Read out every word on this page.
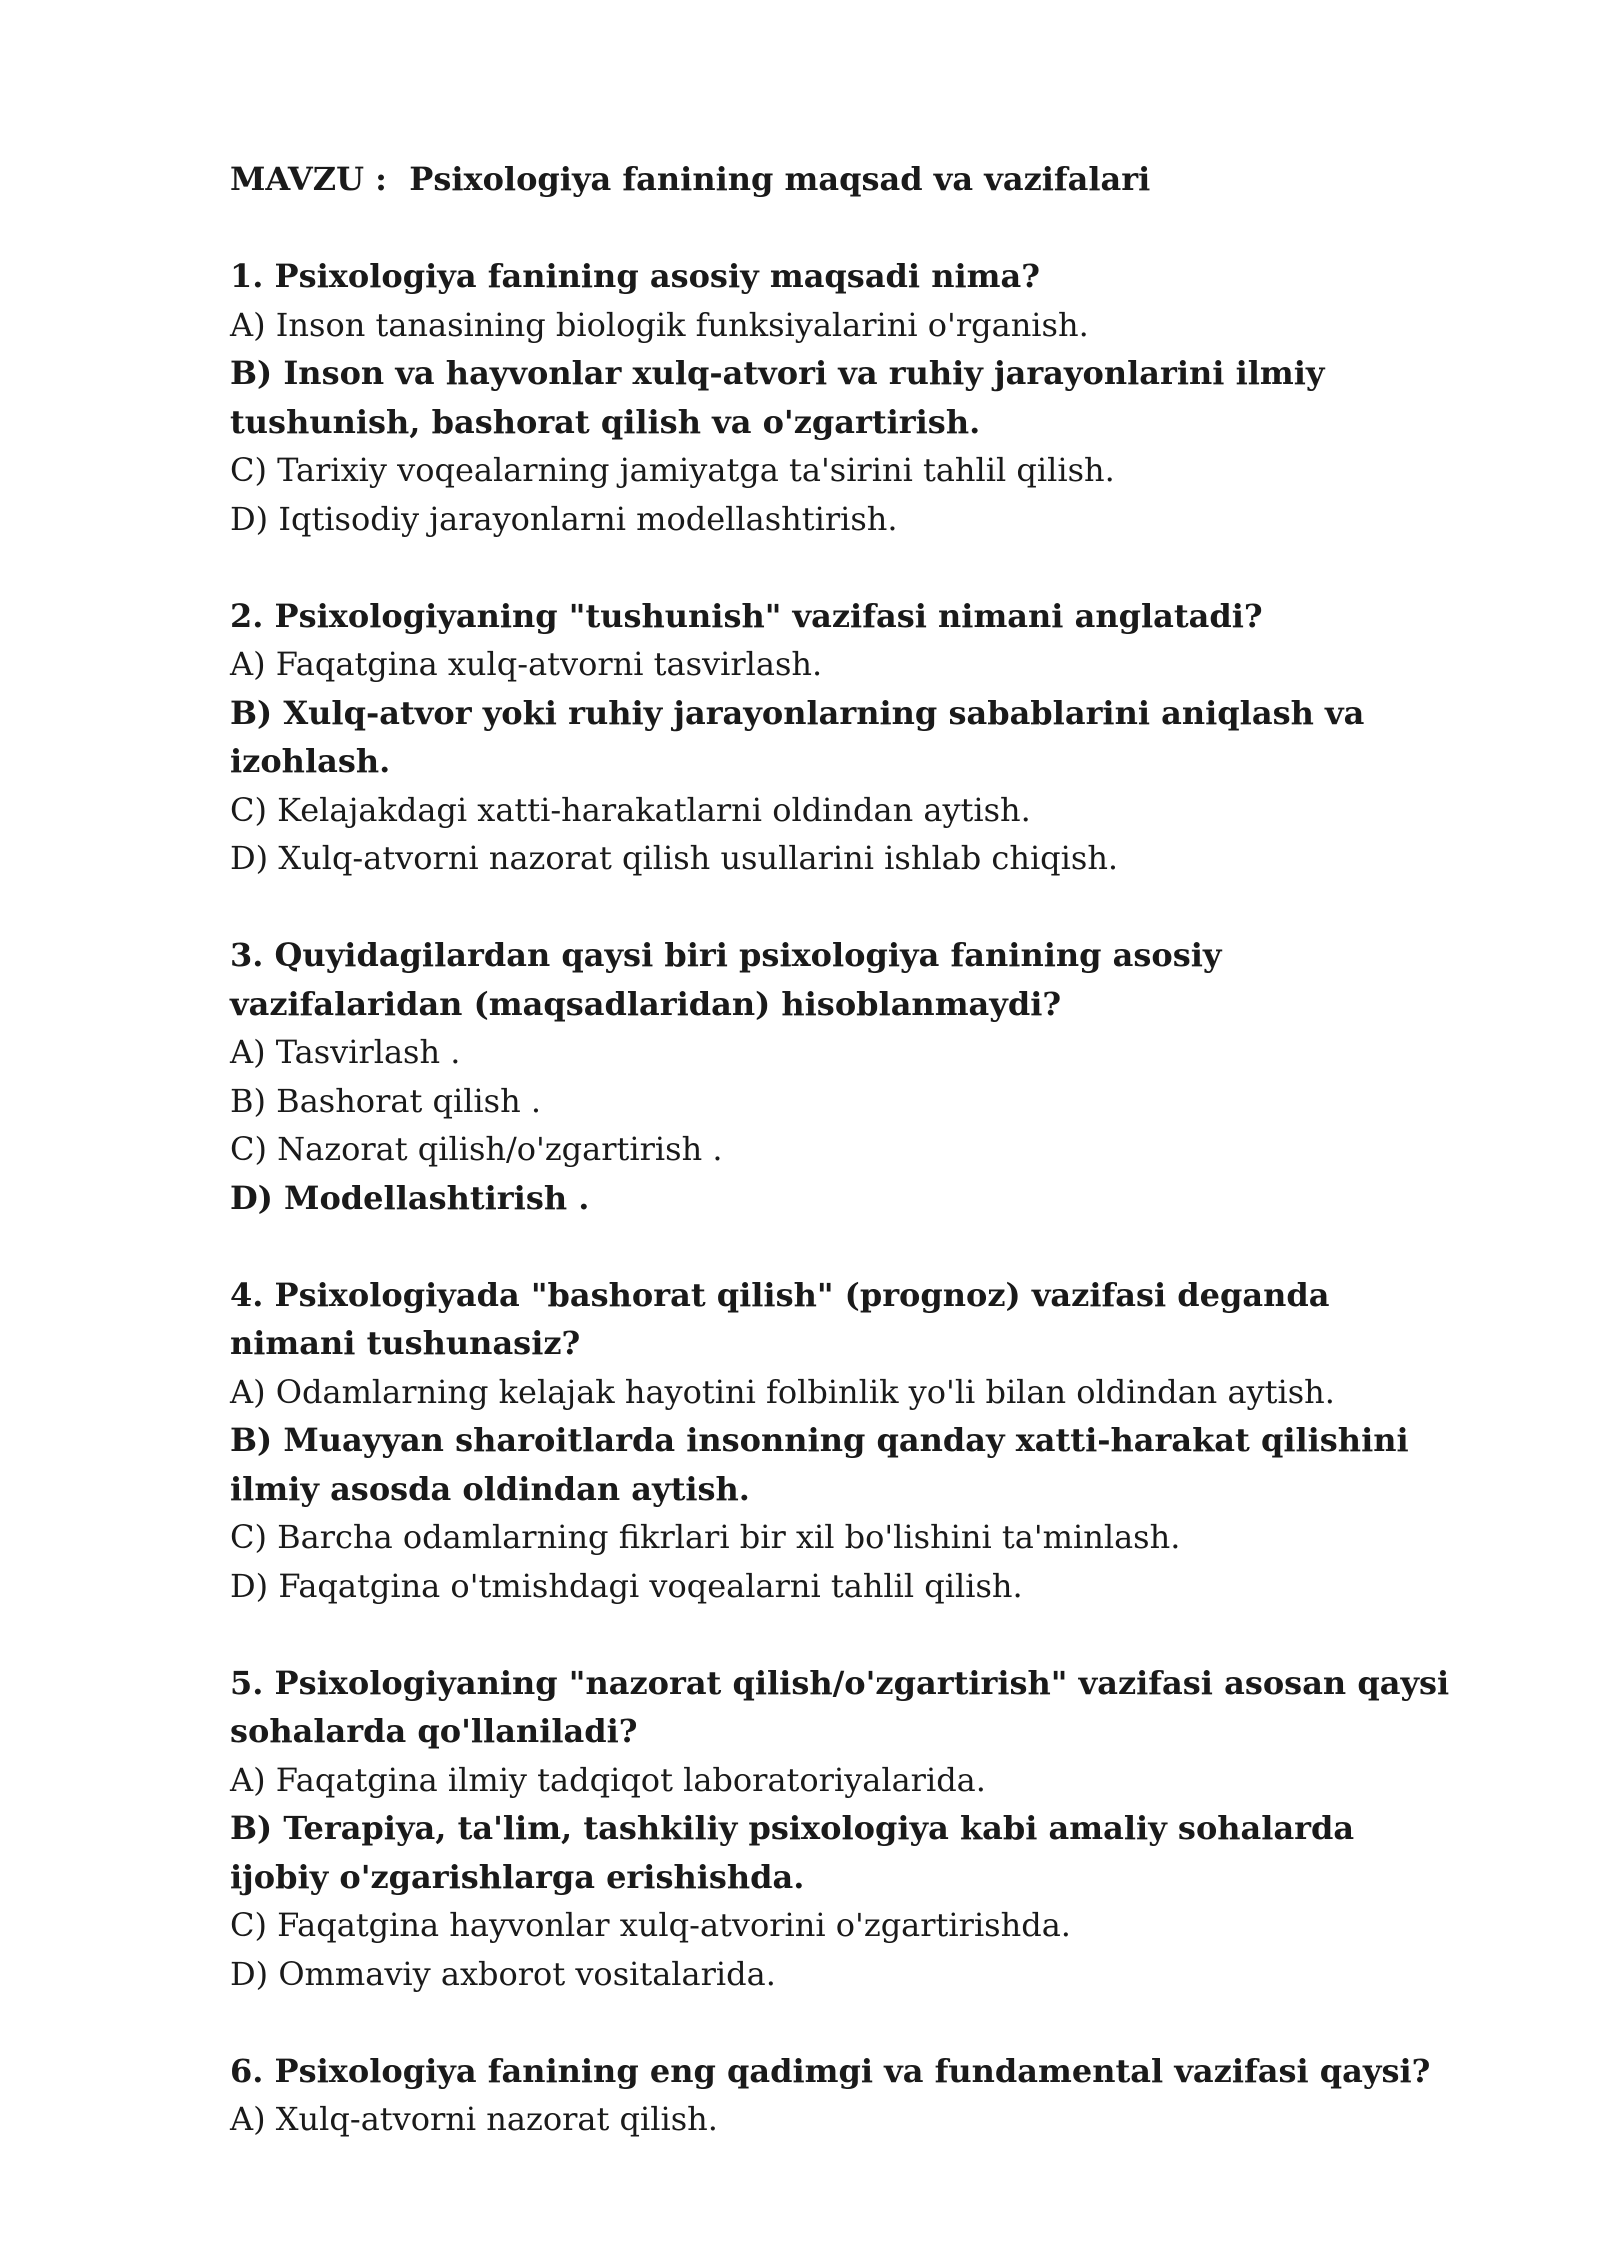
MAVZU :  Psixologiya fanining maqsad va vazifalari
1. Psixologiya fanining asosiy maqsadi nima?
A) Inson tanasining biologik funksiyalarini o'rganish.
B) Inson va hayvonlar xulq-atvori va ruhiy jarayonlarini ilmiy tushunish, bashorat qilish va o'zgartirish.
C) Tarixiy voqealarning jamiyatga ta'sirini tahlil qilish.
D) Iqtisodiy jarayonlarni modellashtirish.
2. Psixologiyaning "tushunish" vazifasi nimani anglatadi?
A) Faqatgina xulq-atvorni tasvirlash.
B) Xulq-atvor yoki ruhiy jarayonlarning sabablarini aniqlash va izohlash.
C) Kelajakdagi xatti-harakatlarni oldindan aytish.
D) Xulq-atvorni nazorat qilish usullarini ishlab chiqish.
3. Quyidagilardan qaysi biri psixologiya fanining asosiy vazifalaridan (maqsadlaridan) hisoblanmaydi?
A) Tasvirlash .
B) Bashorat qilish .
C) Nazorat qilish/o'zgartirish .
D) Modellashtirish .
4. Psixologiyada "bashorat qilish" (prognoz) vazifasi deganda nimani tushunasiz?
A) Odamlarning kelajak hayotini folbinlik yo'li bilan oldindan aytish.
B) Muayyan sharoitlarda insonning qanday xatti-harakat qilishini ilmiy asosda oldindan aytish.
C) Barcha odamlarning fikrlari bir xil bo'lishini ta'minlash.
D) Faqatgina o'tmishdagi voqealarni tahlil qilish.
5. Psixologiyaning "nazorat qilish/o'zgartirish" vazifasi asosan qaysi sohalarda qo'llaniladi?
A) Faqatgina ilmiy tadqiqot laboratoriyalarida.
B) Terapiya, ta'lim, tashkiliy psixologiya kabi amaliy sohalarda ijobiy o'zgarishlarga erishishda.
C) Faqatgina hayvonlar xulq-atvorini o'zgartirishda.
D) Ommaviy axborot vositalarida.
6. Psixologiya fanining eng qadimgi va fundamental vazifasi qaysi?
A) Xulq-atvorni nazorat qilish.
